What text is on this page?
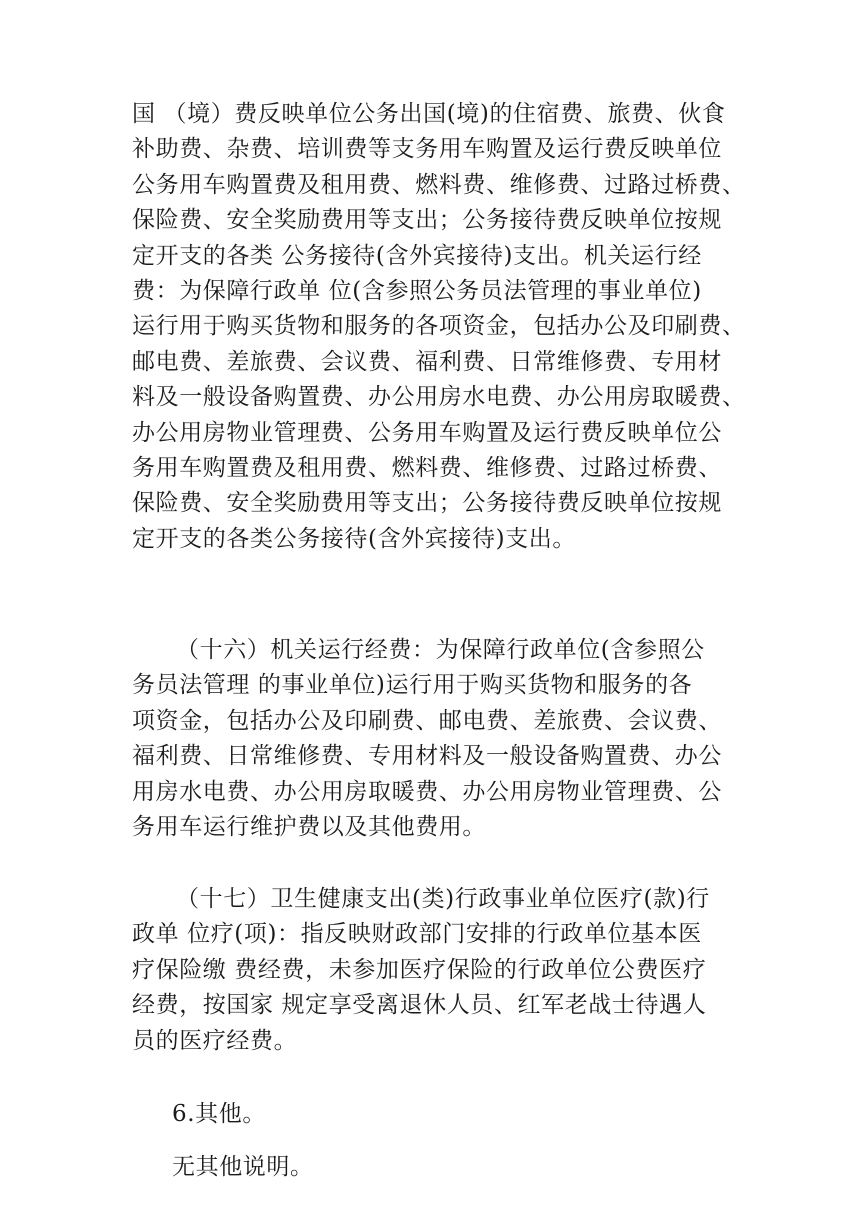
国 （境）费反映单位公务出国(境)的住宿费、旅费、伙食
补助费、杂费、培训费等支务用车购置及运行费反映单位
公务用车购置费及租用费、燃料费、维修费、过路过桥费、
保险费、安全奖励费用等支出；公务接待费反映单位按规
定开支的各类 公务接待(含外宾接待)支出。机关运行经
费：为保障行政单 位(含参照公务员法管理的事业单位)
运行用于购买货物和服务的各项资金，包括办公及印刷费、
邮电费、差旅费、会议费、福利费、日常维修费、专用材
料及一般设备购置费、办公用房水电费、办公用房取暖费、
办公用房物业管理费、公务用车购置及运行费反映单位公
务用车购置费及租用费、燃料费、维修费、过路过桥费、
保险费、安全奖励费用等支出；公务接待费反映单位按规
定开支的各类公务接待(含外宾接待)支出。
（十六）机关运行经费：为保障行政单位(含参照公
务员法管理 的事业单位)运行用于购买货物和服务的各
项资金，包括办公及印刷费、邮电费、差旅费、会议费、
福利费、日常维修费、专用材料及一般设备购置费、办公
用房水电费、办公用房取暖费、办公用房物业管理费、公
务用车运行维护费以及其他费用。
（十七）卫生健康支出(类)行政事业单位医疗(款)行
政单 位疗(项)：指反映财政部门安排的行政单位基本医
疗保险缴 费经费，未参加医疗保险的行政单位公费医疗
经费，按国家 规定享受离退休人员、红军老战士待遇人
员的医疗经费。
6.其他。
无其他说明。
